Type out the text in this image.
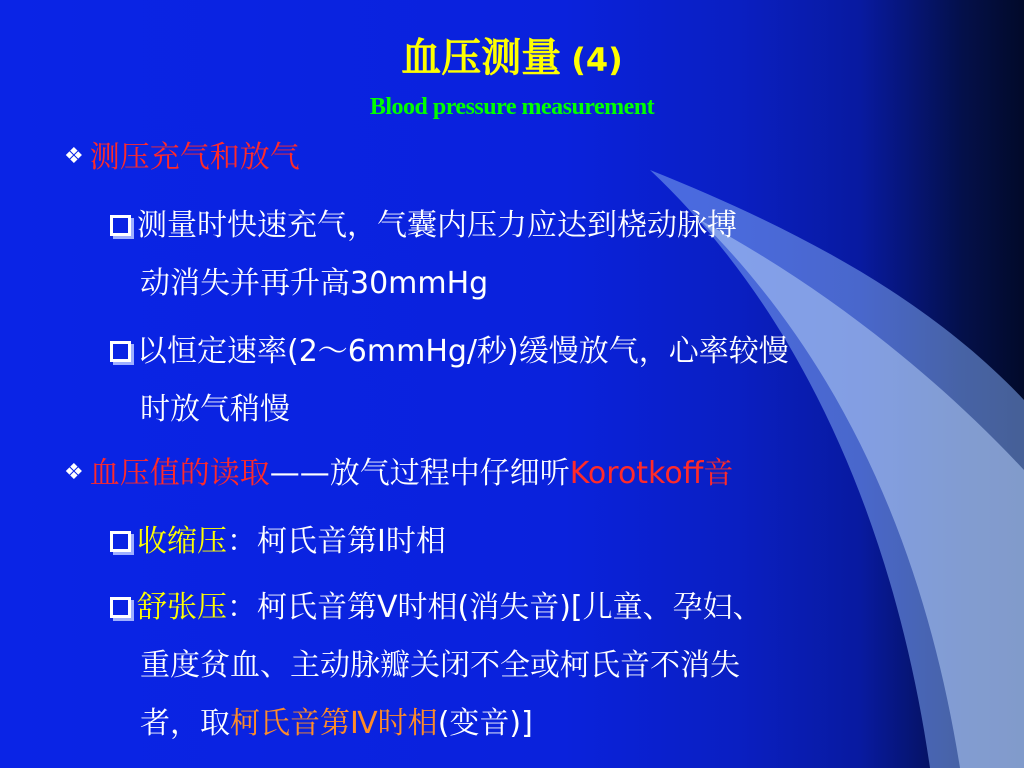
血压测量 (4)
Blood pressure measurement
❖ 测压充气和放气
测量时快速充气，气囊内压力应达到桡动脉搏
动消失并再升高30mmHg
以恒定速率(2～6mmHg/秒)缓慢放气，心率较慢
时放气稍慢
❖ 血压值的读取——放气过程中仔细听Korotkoff音
收缩压：柯氏音第Ⅰ时相
舒张压：柯氏音第Ⅴ时相(消失音)[儿童、孕妇、
重度贫血、主动脉瓣关闭不全或柯氏音不消失
者，取柯氏音第Ⅳ时相(变音)]
